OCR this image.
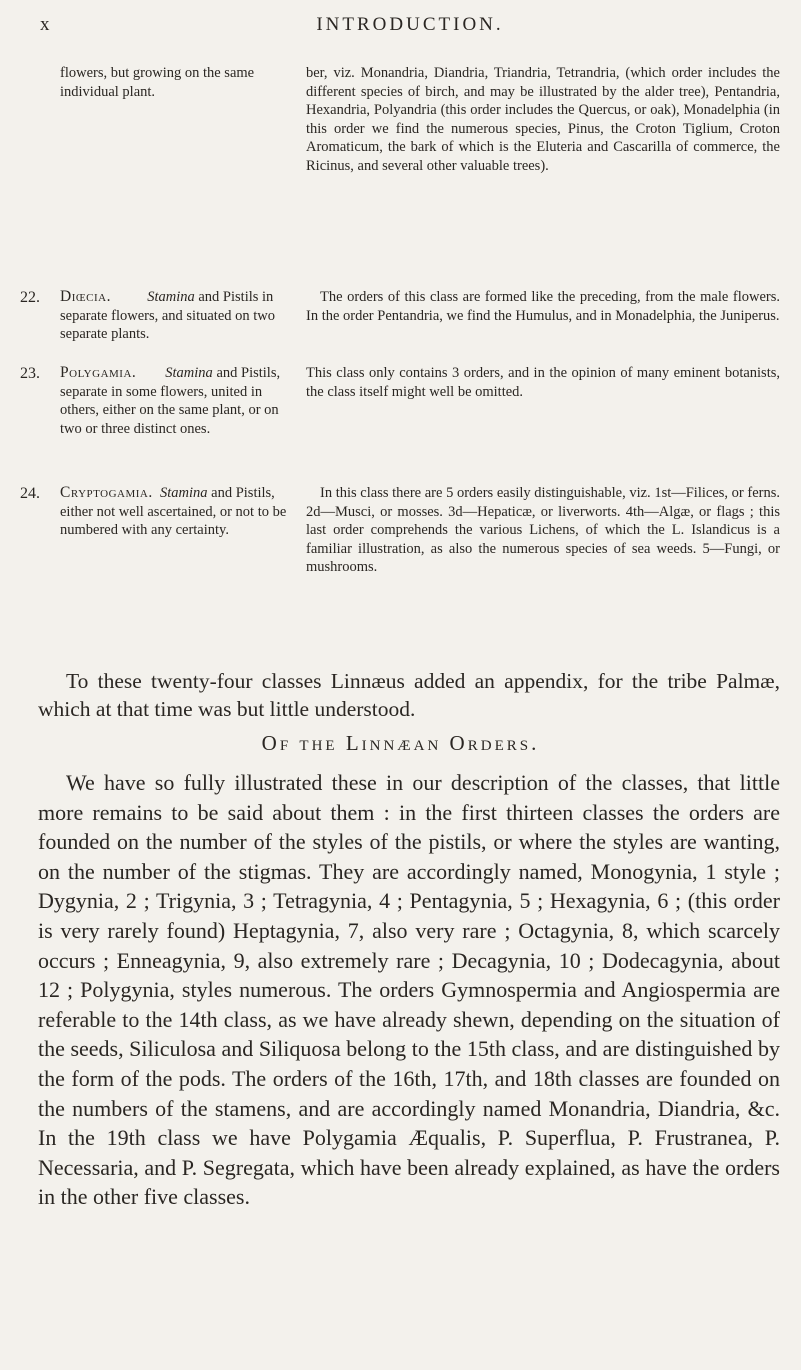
x	INTRODUCTION.
flowers, but growing on the same individual plant.
ber, viz. Monandria, Diandria, Triandria, Tetrandria, (which order includes the different species of birch, and may be illustrated by the alder tree), Pentandria, Hexandria, Polyandria (this order includes the Quercus, or oak), Monadelphia (in this order we find the numerous species, Pinus, the Croton Tiglium, Croton Aromaticum, the bark of which is the Eluteria and Cascarilla of commerce, the Ricinus, and several other valuable trees).
22. Diœcia.	Stamina and Pistils in separate flowers, and situated on two separate plants.
The orders of this class are formed like the preceding, from the male flowers. In the order Pentandria, we find the Humulus, and in Monadelphia, the Juniperus.
23. Polygamia. Stamina and Pistils, separate in some flowers, united in others, either on the same plant, or on two or three distinct ones.
This class only contains 3 orders, and in the opinion of many eminent botanists, the class itself might well be omitted.
24. Cryptogamia. Stamina and Pistils, either not well ascertained, or not to be numbered with any certainty.
In this class there are 5 orders easily distinguishable, viz. 1st—Filices, or ferns. 2d—Musci, or mosses. 3d—Hepaticæ, or liverworts. 4th—Algæ, or flags ; this last order comprehends the various Lichens, of which the L. Islandicus is a familiar illustration, as also the numerous species of sea weeds. 5—Fungi, or mushrooms.

To these twenty-four classes Linnæus added an appendix, for the tribe Palmæ, which at that time was but little understood.

Of the Linnæan Orders.

We have so fully illustrated these in our description of the classes, that little more remains to be said about them : in the first thirteen classes the orders are founded on the number of the styles of the pistils, or where the styles are wanting, on the number of the stigmas. They are accordingly named, Monogynia, 1 style ; Dygynia, 2 ; Trigynia, 3 ; Tetragynia, 4 ; Pentagynia, 5 ; Hexagynia, 6 ; (this order is very rarely found) Heptagynia, 7, also very rare ; Octagynia, 8, which scarcely occurs ; Enneagynia, 9, also extremely rare ; Decagynia, 10 ; Dodecagynia, about 12 ; Polygynia, styles numerous. The orders Gymnospermia and Angiospermia are referable to the 14th class, as we have already shewn, depending on the situation of the seeds, Siliculosa and Siliquosa belong to the 15th class, and are distinguished by the form of the pods. The orders of the 16th, 17th, and 18th classes are founded on the numbers of the stamens, and are accordingly named Monandria, Diandria, &c. In the 19th class we have Polygamia Æqualis, P. Superflua, P. Frustranea, P. Necessaria, and P. Segregata, which have been already explained, as have the orders in the other five classes.
